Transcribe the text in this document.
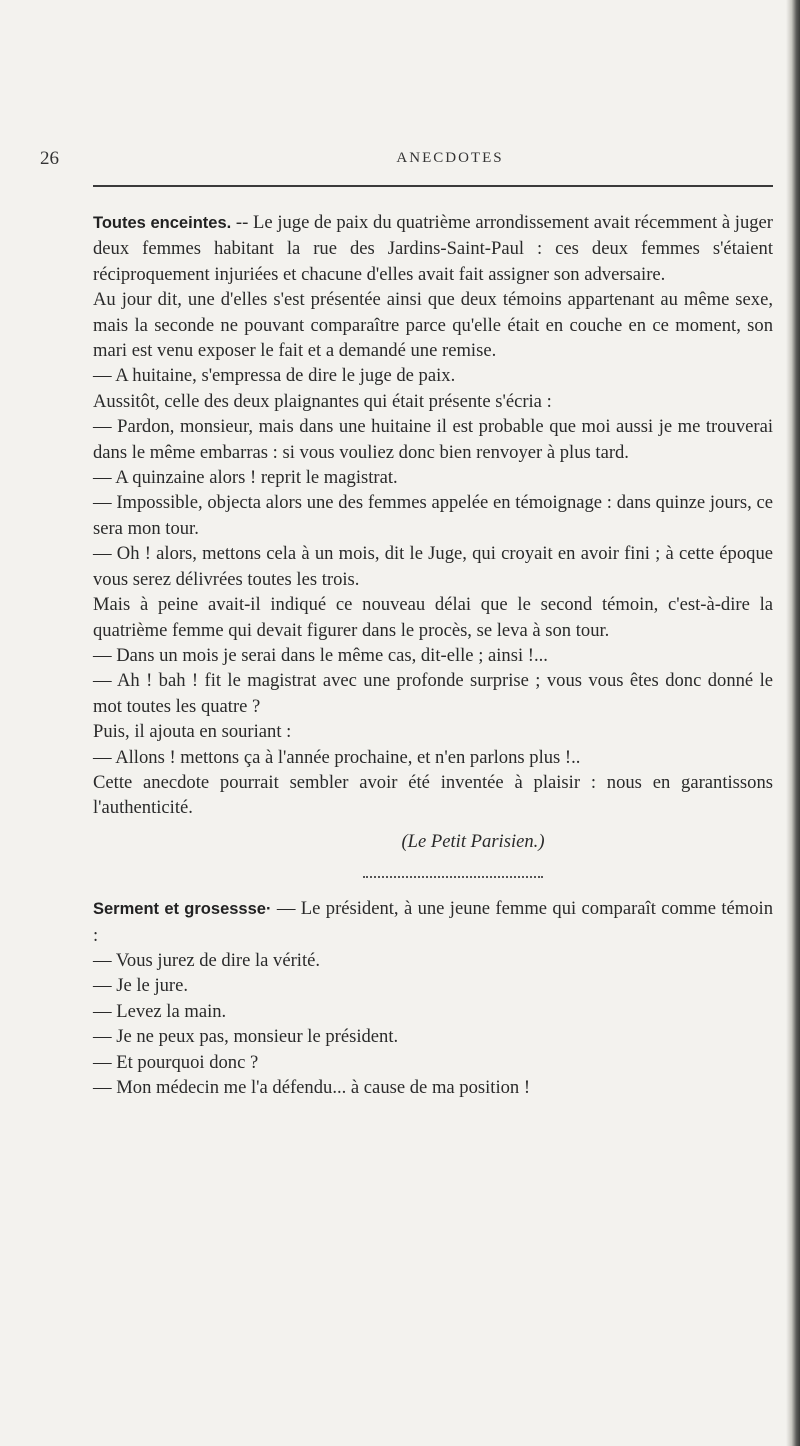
26	ANECDOTES

Toutes enceintes. -- Le juge de paix du quatrième arrondissement avait récemment à juger deux femmes habitant la rue des Jardins-Saint-Paul : ces deux femmes s'étaient réciproquement injuriées et chacune d'elles avait fait assigner son adversaire.

Au jour dit, une d'elles s'est présentée ainsi que deux témoins appartenant au même sexe, mais la seconde ne pouvant comparaître parce qu'elle était en couche en ce moment, son mari est venu exposer le fait et a demandé une remise.

— A huitaine, s'empressa de dire le juge de paix.

Aussitôt, celle des deux plaignantes qui était présente s'écria :

— Pardon, monsieur, mais dans une huitaine il est probable que moi aussi je me trouverai dans le même embarras : si vous vouliez donc bien renvoyer à plus tard.

— A quinzaine alors ! reprit le magistrat.

— Impossible, objecta alors une des femmes appelée en témoignage : dans quinze jours, ce sera mon tour.

— Oh ! alors, mettons cela à un mois, dit le Juge, qui croyait en avoir fini ; à cette époque vous serez délivrées toutes les trois.

Mais à peine avait-il indiqué ce nouveau délai que le second témoin, c'est-à-dire la quatrième femme qui devait figurer dans le procès, se leva à son tour.

— Dans un mois je serai dans le même cas, dit-elle ; ainsi !...

— Ah ! bah ! fit le magistrat avec une profonde surprise ; vous vous êtes donc donné le mot toutes les quatre ?

Puis, il ajouta en souriant :

— Allons ! mettons ça à l'année prochaine, et n'en parlons plus !..

Cette anecdote pourrait sembler avoir été inventée à plaisir : nous en garantissons l'authenticité.

(Le Petit Parisien.)

Serment et grosessse· — Le président, à une jeune femme qui comparaît comme témoin :

— Vous jurez de dire la vérité.

— Je le jure.

— Levez la main.

— Je ne peux pas, monsieur le président.

— Et pourquoi donc ?

— Mon médecin me l'a défendu... à cause de ma position !
